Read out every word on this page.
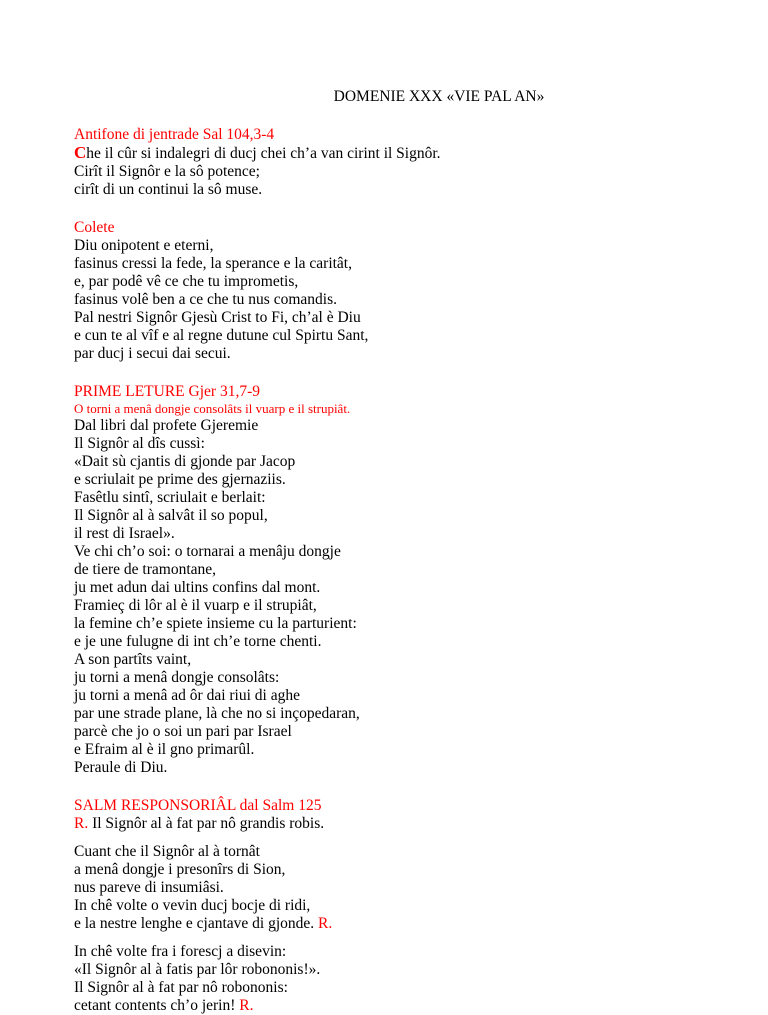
DOMENIE XXX «VIE PAL AN»
Antifone di jentrade Sal 104,3-4
Che il cûr si indalegri di ducj chei ch’a van cirint il Signôr.
Cirît il Signôr e la sô potence;
cirît di un continui la sô muse.
Colete
Diu onipotent e eterni,
fasinus cressi la fede, la sperance e la caritât,
e, par podê vê ce che tu imprometis,
fasinus volê ben a ce che tu nus comandis.
Pal nestri Signôr Gjesù Crist to Fi, ch’al è Diu
e cun te al vîf e al regne dutune cul Spirtu Sant,
par ducj i secui dai secui.
PRIME LETURE Gjer 31,7-9
O torni a menâ dongje consolâts il vuarp e il strupiât.
Dal libri dal profete Gjeremie
Il Signôr al dîs cussì:
«Dait sù cjantis di gjonde par Jacop
e scriulait pe prime des gjernaziis.
Fasêtlu sintî, scriulait e berlait:
Il Signôr al à salvât il so popul,
il rest di Israel».
Ve chi ch’o soi: o tornarai a menâju dongje
de tiere de tramontane,
ju met adun dai ultins confins dal mont.
Framieç di lôr al è il vuarp e il strupiât,
la femine ch’e spiete insieme cu la parturient:
e je une fulugne di int ch’e torne chenti.
A son partîts vaint,
ju torni a menâ dongje consolâts:
ju torni a menâ ad ôr dai riui di aghe
par une strade plane, là che no si inçopedaran,
parcè che jo o soi un pari par Israel
e Efraim al è il gno primarûl.
Peraule di Diu.
SALM RESPONSORIÂL dal Salm 125
R. Il Signôr al à fat par nô grandis robis.
Cuant che il Signôr al à tornât
a menâ dongje i presonîrs di Sion,
nus pareve di insumiâsi.
In chê volte o vevin ducj bocje di ridi,
e la nestre lenghe e cjantave di gjonde. R.
In chê volte fra i forescj a disevin:
«Il Signôr al à fatis par lôr robononis!».
Il Signôr al à fat par nô robononis:
cetant contents ch’o jerin! R.
